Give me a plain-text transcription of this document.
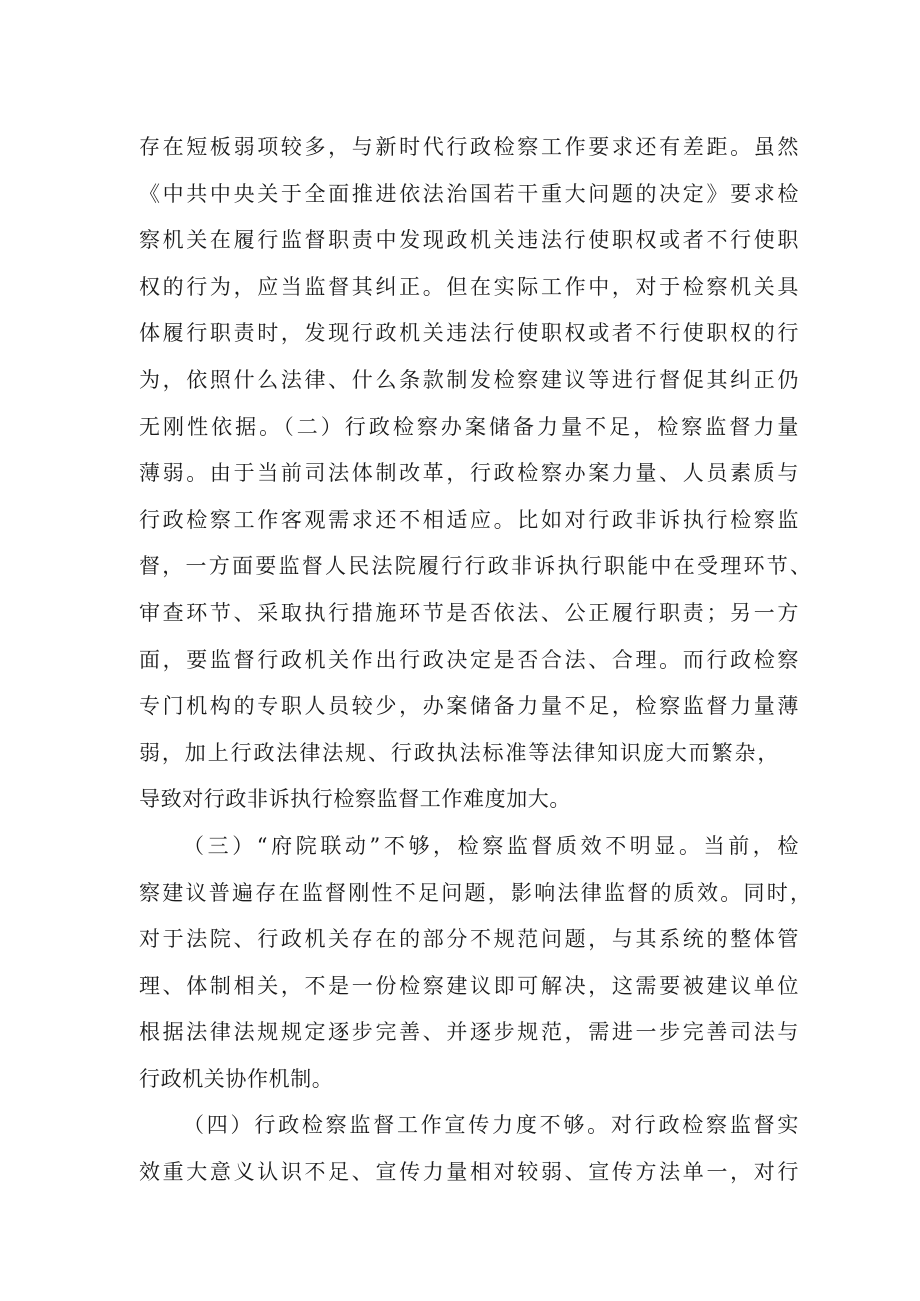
存在短板弱项较多，与新时代行政检察工作要求还有差距。虽然
《中共中央关于全面推进依法治国若干重大问题的决定》要求检
察机关在履行监督职责中发现政机关违法行使职权或者不行使职
权的行为，应当监督其纠正。但在实际工作中，对于检察机关具
体履行职责时，发现行政机关违法行使职权或者不行使职权的行
为，依照什么法律、什么条款制发检察建议等进行督促其纠正仍
无刚性依据。（二）行政检察办案储备力量不足，检察监督力量
薄弱。由于当前司法体制改革，行政检察办案力量、人员素质与
行政检察工作客观需求还不相适应。比如对行政非诉执行检察监
督，一方面要监督人民法院履行行政非诉执行职能中在受理环节、
审查环节、采取执行措施环节是否依法、公正履行职责；另一方
面，要监督行政机关作出行政决定是否合法、合理。而行政检察
专门机构的专职人员较少，办案储备力量不足，检察监督力量薄
弱，加上行政法律法规、行政执法标准等法律知识庞大而繁杂，
导致对行政非诉执行检察监督工作难度加大。
（三）“府院联动”不够，检察监督质效不明显。当前，检
察建议普遍存在监督刚性不足问题，影响法律监督的质效。同时，
对于法院、行政机关存在的部分不规范问题，与其系统的整体管
理、体制相关，不是一份检察建议即可解决，这需要被建议单位
根据法律法规规定逐步完善、并逐步规范，需进一步完善司法与
行政机关协作机制。
（四）行政检察监督工作宣传力度不够。对行政检察监督实
效重大意义认识不足、宣传力量相对较弱、宣传方法单一，对行
